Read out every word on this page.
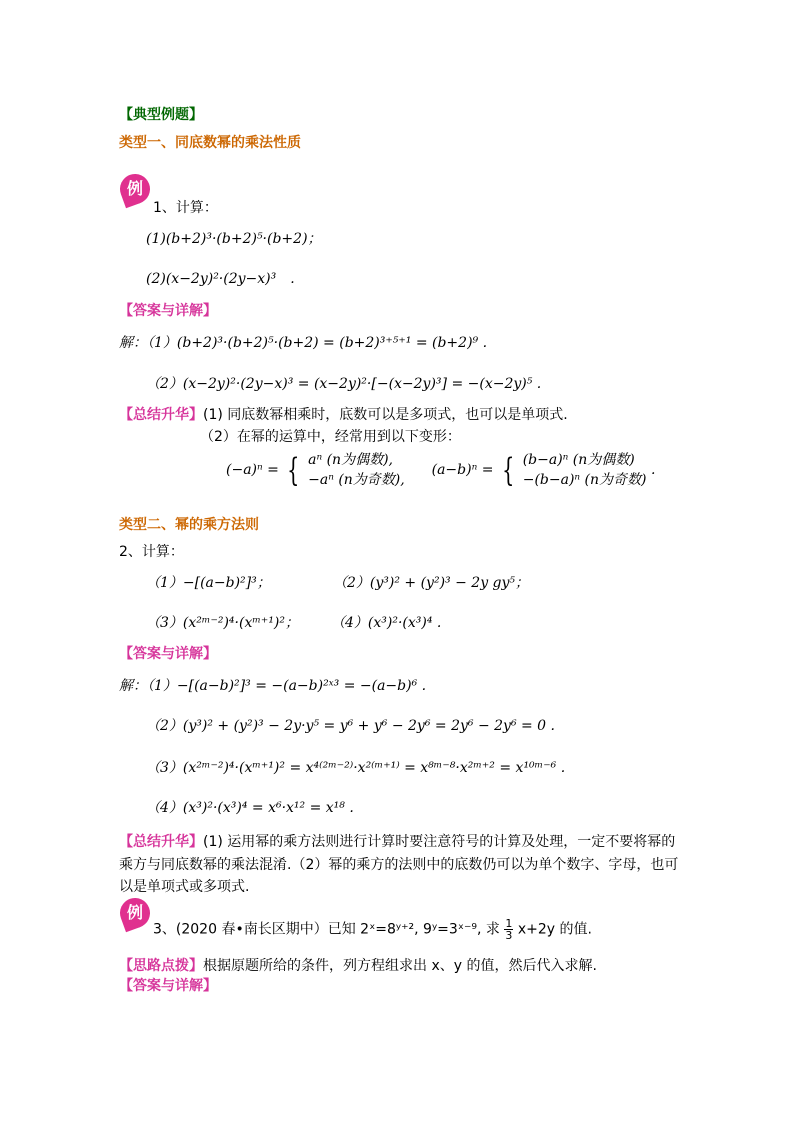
【典型例题】
类型一、同底数幂的乘法性质
例
1、计算：
(1)(b+2)³·(b+2)⁵·(b+2)；
(2)(x−2y)²·(2y−x)³　.
【答案与详解】
解：（1）(b+2)³·(b+2)⁵·(b+2) = (b+2)³⁺⁵⁺¹ = (b+2)⁹ .
（2）(x−2y)²·(2y−x)³ = (x−2y)²·[−(x−2y)³] = −(x−2y)⁵ .
【总结升华】(1) 同底数幂相乘时，底数可以是多项式，也可以是单项式.
（2）在幂的运算中，经常用到以下变形：
(−a)ⁿ = { aⁿ (n为偶数),
−aⁿ (n为奇数),
(a−b)ⁿ = { (b−a)ⁿ (n为偶数)
−(b−a)ⁿ (n为奇数)
.
类型二、幂的乘方法则
2、计算：
（1）−[(a−b)²]³；	（2）(y³)² + (y²)³ − 2y gy⁵；
（3）(x²ᵐ⁻²)⁴·(xᵐ⁺¹)²； （4）(x³)²·(x³)⁴ .
【答案与详解】
解：（1）−[(a−b)²]³ = −(a−b)²ˣ³ = −(a−b)⁶ .
（2）(y³)² + (y²)³ − 2y·y⁵ = y⁶ + y⁶ − 2y⁶ = 2y⁶ − 2y⁶ = 0 .
（3）(x²ᵐ⁻²)⁴·(xᵐ⁺¹)² = x⁴⁽²ᵐ⁻²⁾·x²⁽ᵐ⁺¹⁾ = x⁸ᵐ⁻⁸·x²ᵐ⁺² = x¹⁰ᵐ⁻⁶ .
（4）(x³)²·(x³)⁴ = x⁶·x¹² = x¹⁸ .
【总结升华】(1) 运用幂的乘方法则进行计算时要注意符号的计算及处理，一定不要将幂的
乘方与同底数幂的乘法混淆.（2）幂的乘方的法则中的底数仍可以为单个数字、字母，也可
以是单项式或多项式.
例
3、(2020 春•南长区期中）已知 2ˣ=8ʸ⁺², 9ʸ=3ˣ⁻⁹, 求 $\frac{1}{3} x+2y$ 的值.
【思路点拨】根据原题所给的条件，列方程组求出 x、y 的值，然后代入求解.
【答案与详解】
